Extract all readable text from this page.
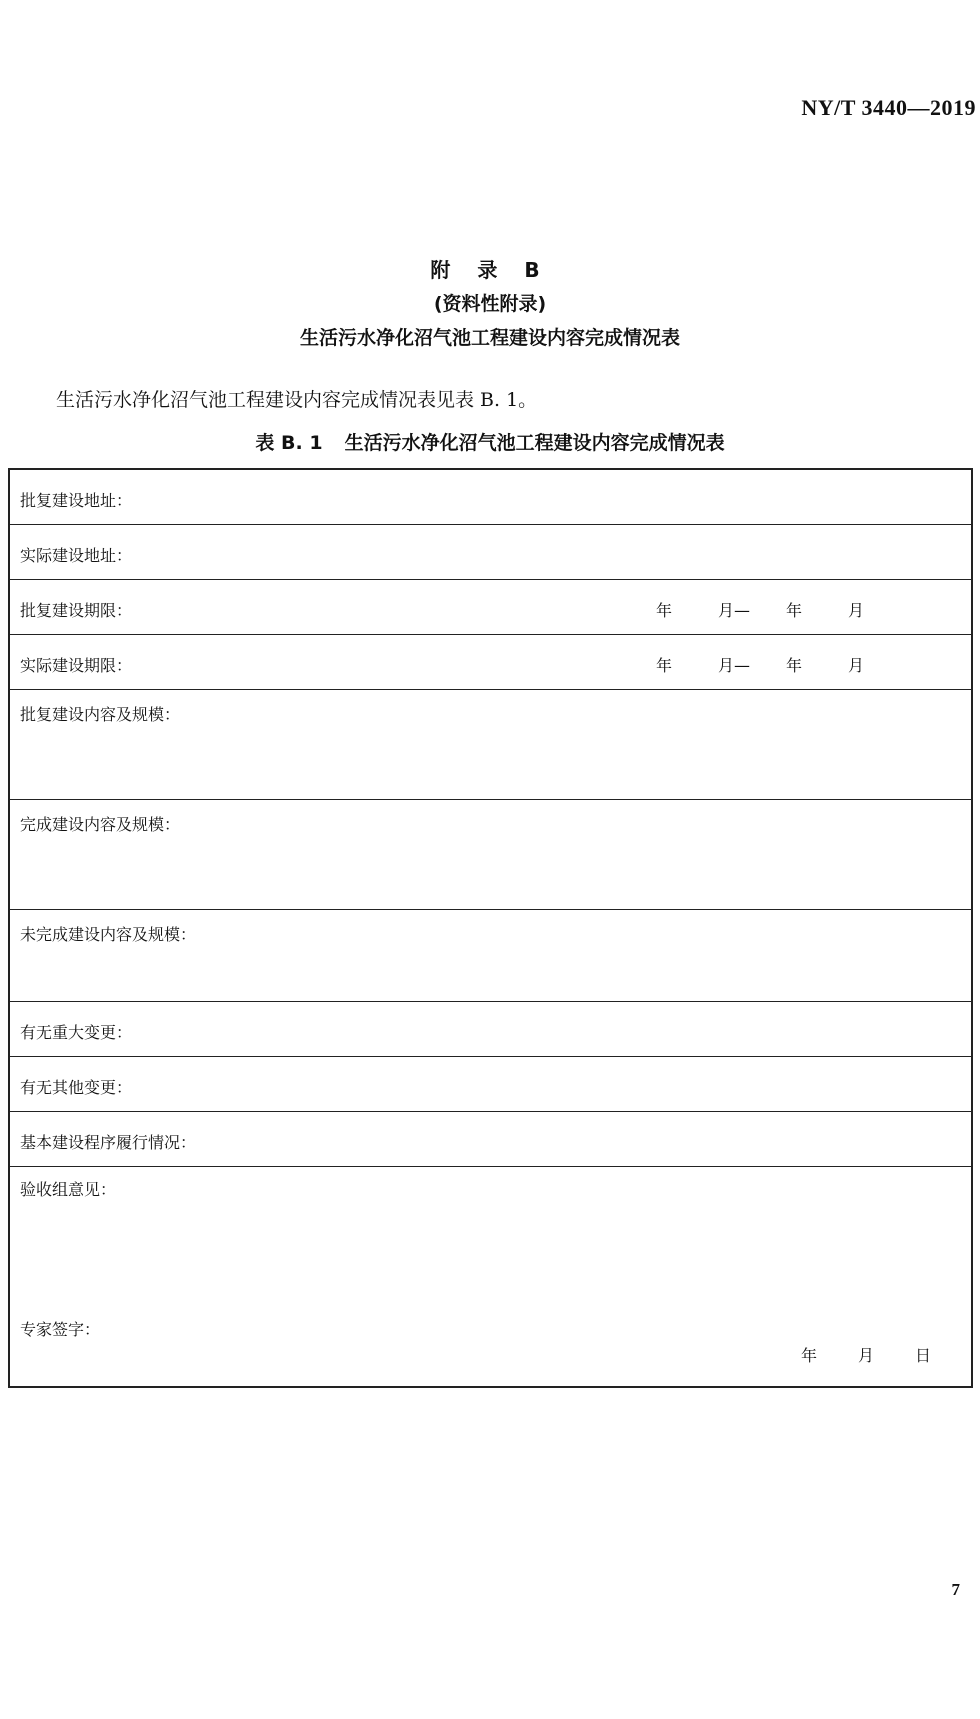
NY/T 3440—2019
附 录 B
(资料性附录)
生活污水净化沼气池工程建设内容完成情况表
生活污水净化沼气池工程建设内容完成情况表见表 B. 1。
表 B. 1 生活污水净化沼气池工程建设内容完成情况表
批复建设地址：
实际建设地址：
批复建设期限：	年	月— 年	月
实际建设期限：	年	月— 年	月
批复建设内容及规模：
完成建设内容及规模：
未完成建设内容及规模：
有无重大变更：
有无其他变更：
基本建设程序履行情况：
验收组意见：
专家签字：
年	月	日
7
